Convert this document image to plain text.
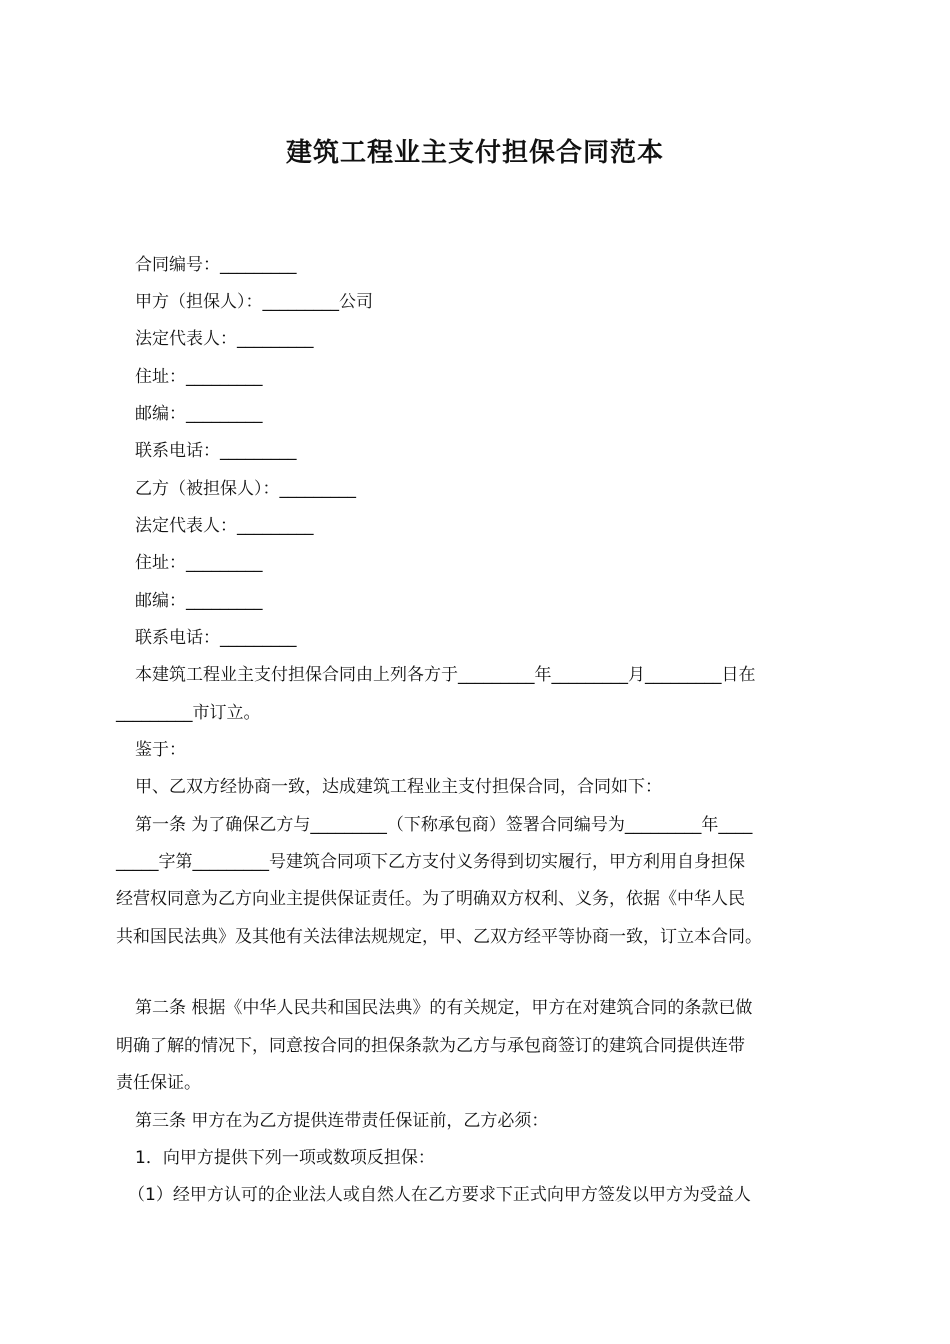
建筑工程业主支付担保合同范本
合同编号：_________
甲方（担保人）：_________公司
法定代表人：_________
住址：_________
邮编：_________
联系电话：_________
乙方（被担保人）：_________
法定代表人：_________
住址：_________
邮编：_________
联系电话：_________
本建筑工程业主支付担保合同由上列各方于_________年_________月_________日在
_________市订立。
鉴于：
甲、乙双方经协商一致，达成建筑工程业主支付担保合同，合同如下：
第一条 为了确保乙方与_________（下称承包商）签署合同编号为_________年____
_____字第_________号建筑合同项下乙方支付义务得到切实履行，甲方利用自身担保
经营权同意为乙方向业主提供保证责任。为了明确双方权利、义务，依据《中华人民
共和国民法典》及其他有关法律法规规定，甲、乙双方经平等协商一致，订立本合同。
第二条 根据《中华人民共和国民法典》的有关规定，甲方在对建筑合同的条款已做
明确了解的情况下，同意按合同的担保条款为乙方与承包商签订的建筑合同提供连带
责任保证。
第三条 甲方在为乙方提供连带责任保证前，乙方必须：
1．向甲方提供下列一项或数项反担保：
（1）经甲方认可的企业法人或自然人在乙方要求下正式向甲方签发以甲方为受益人
